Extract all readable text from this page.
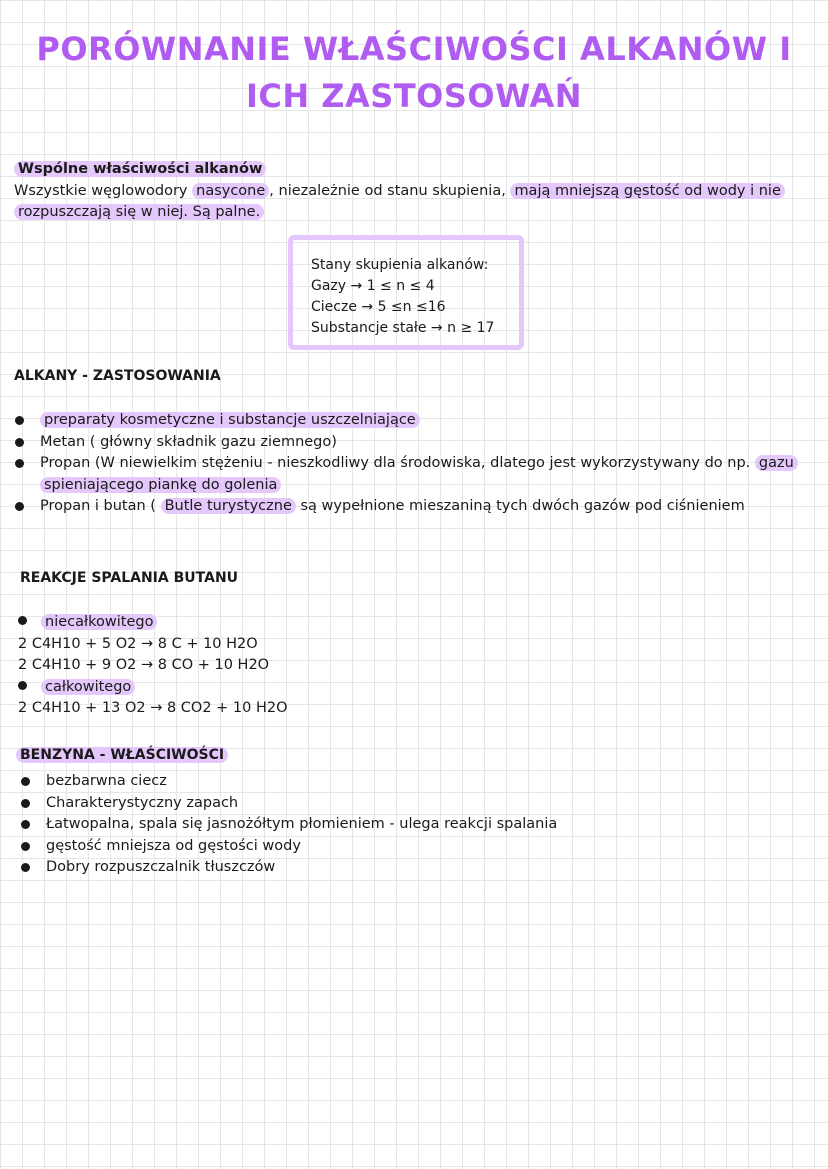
PORÓWNANIE WŁAŚCIWOŚCI ALKANÓW I ICH ZASTOSOWAŃ
Wspólne właściwości alkanów
Wszystkie węglowodory nasycone , niezależnie od stanu skupienia, mają mniejszą gęstość od wody i nie rozpuszczają się w niej. Są palne.
Stany skupienia alkanów:
Gazy → 1 ≤ n ≤ 4
Ciecze → 5 ≤n ≤16
Substancje stałe → n ≥ 17
ALKANY - ZASTOSOWANIA
preparaty kosmetyczne i substancje uszczelniające
Metan ( główny składnik gazu ziemnego)
Propan (W niewielkim stężeniu - nieszkodliwy dla środowiska, dlatego jest wykorzystywany do np. gazu spieniającego piankę do golenia
Propan i butan ( Butle turystyczne są wypełnione mieszaniną tych dwóch gazów pod ciśnieniem
REAKCJE SPALANIA BUTANU
niecałkowitego
2 C4H10 + 5 O2 → 8 C + 10 H2O
2 C4H10 + 9 O2 → 8 CO + 10 H2O
całkowitego
2 C4H10 + 13 O2 → 8 CO2 + 10 H2O
BENZYNA - WŁAŚCIWOŚCI
bezbarwna ciecz
Charakterystyczny zapach
Łatwopalna, spala się jasnożółtym płomieniem - ulega reakcji spalania
gęstość mniejsza od gęstości wody
Dobry rozpuszczalnik tłuszczów
